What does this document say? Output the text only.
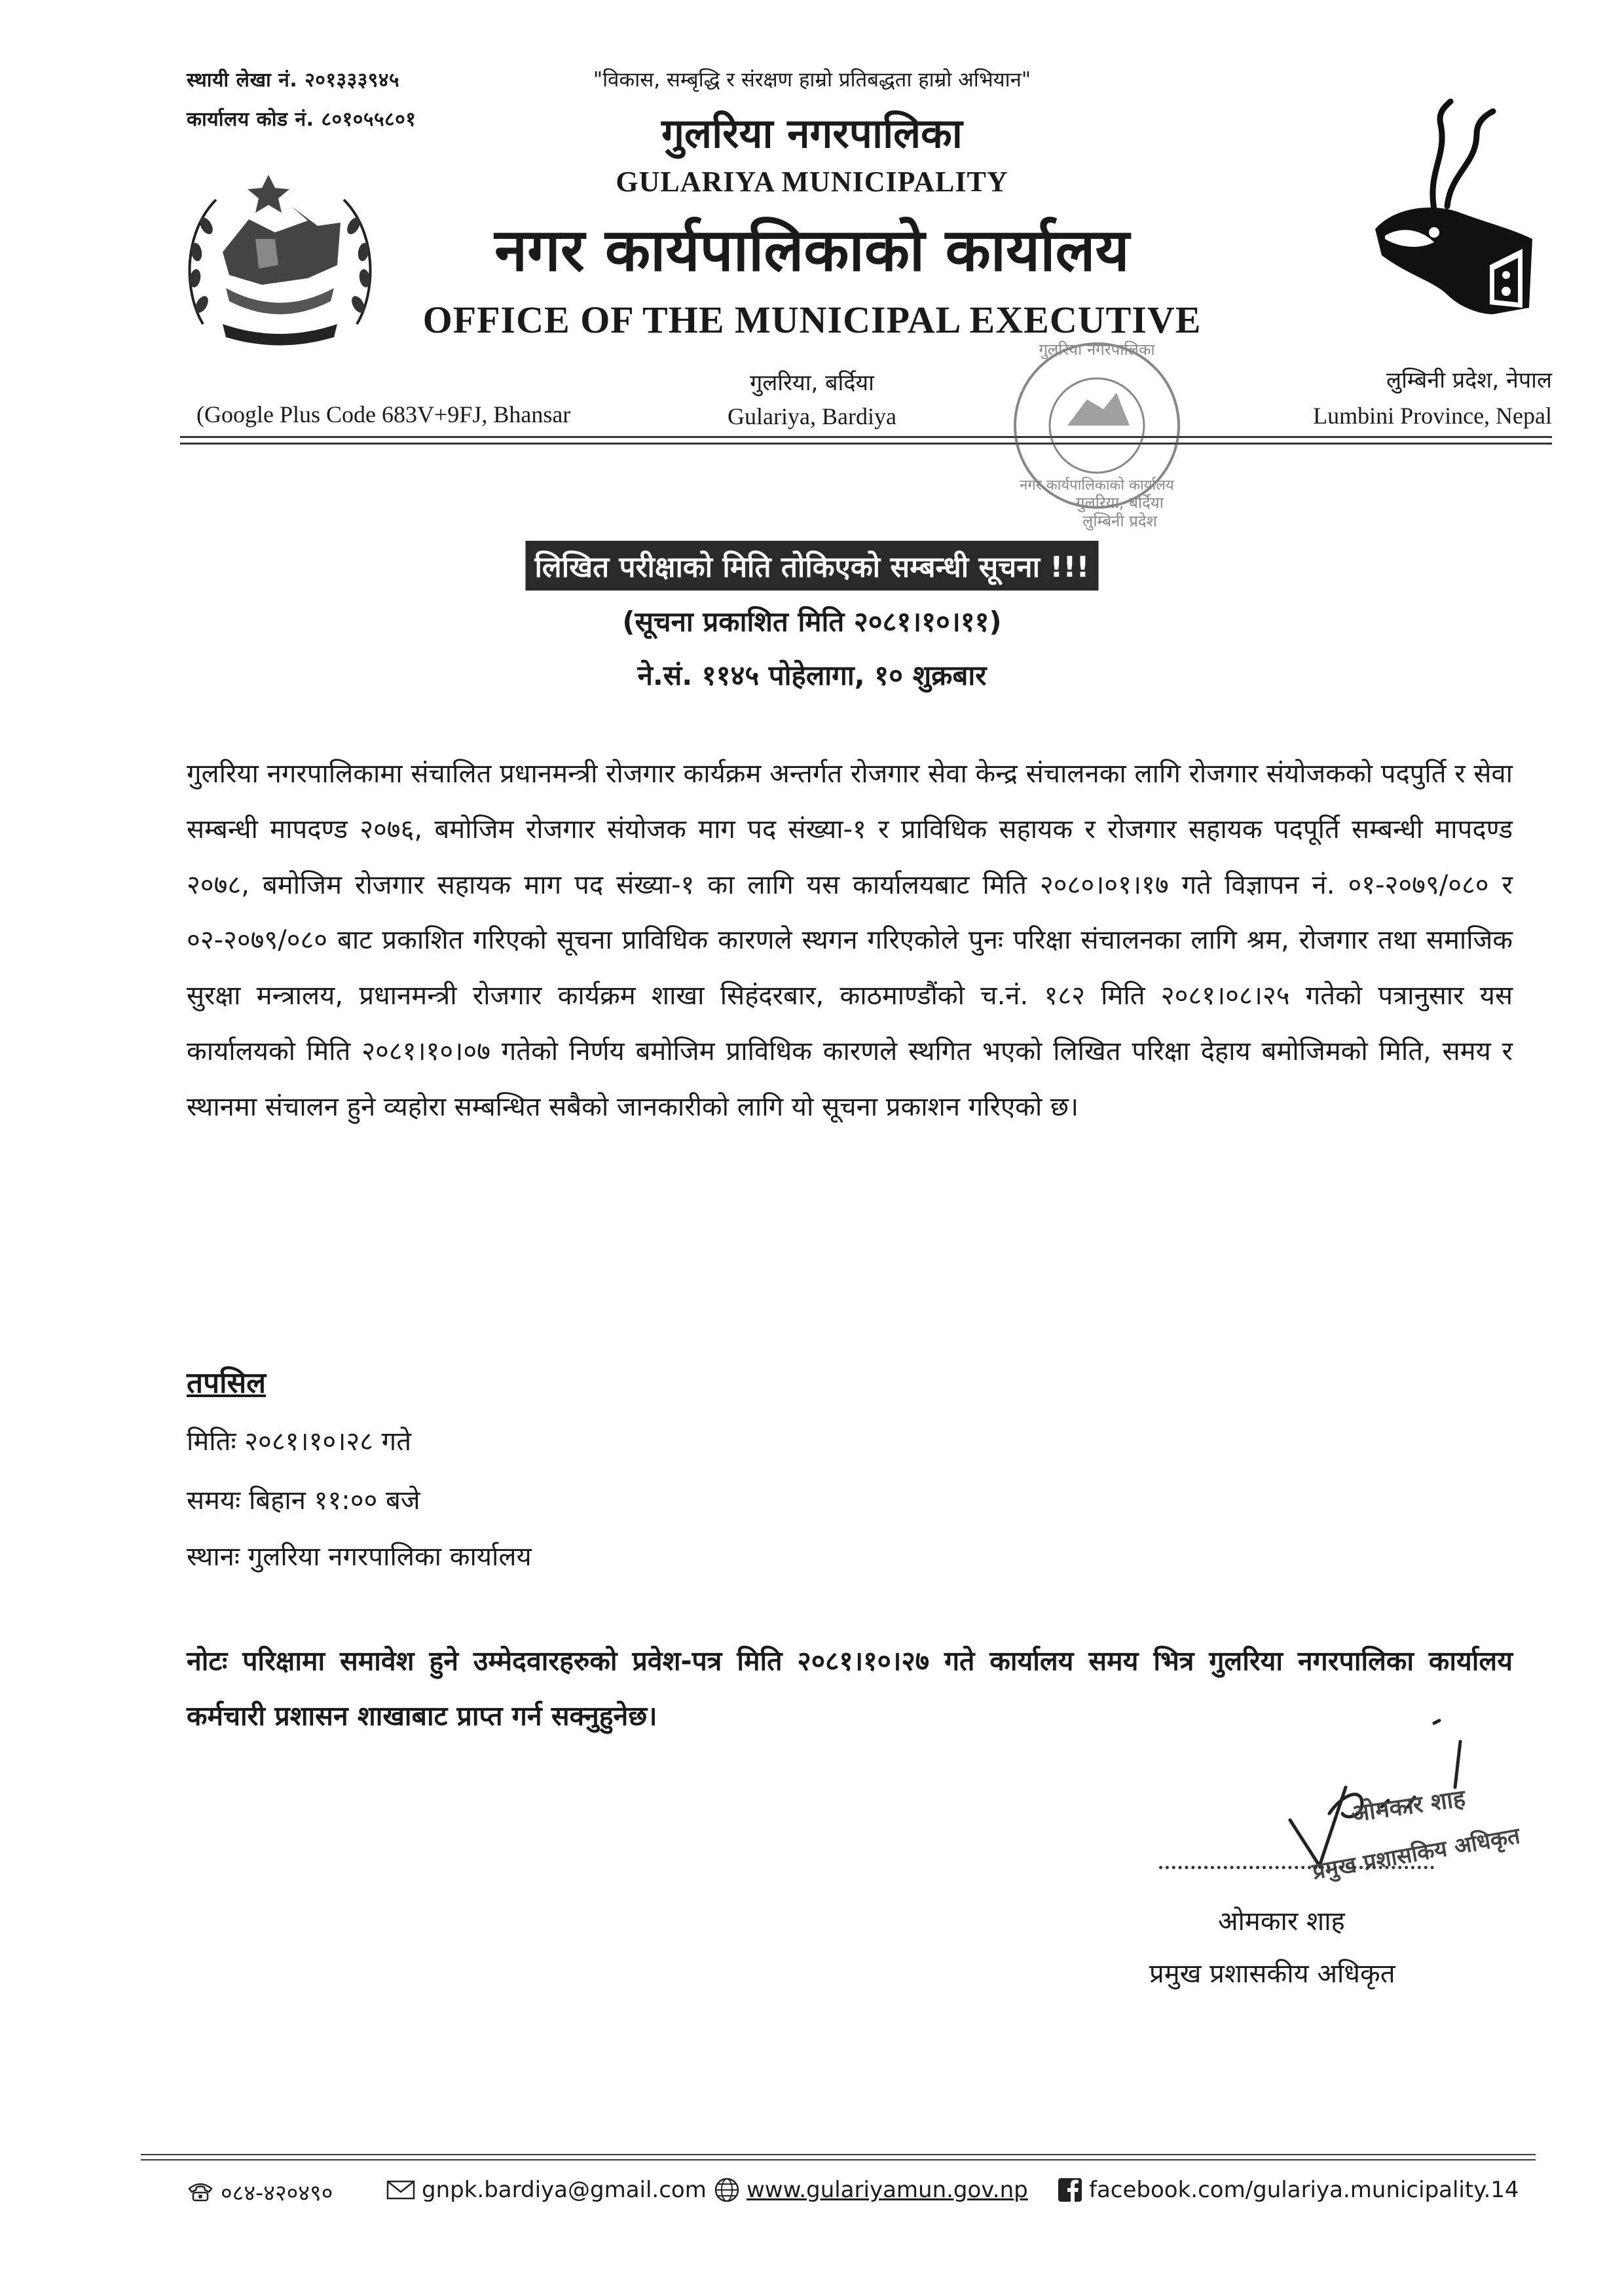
स्थायी लेखा नं. २०१३३३९४५
कार्यालय कोड नं. ८०१०५५८०१
"विकास, सम्बृद्धि र संरक्षण हाम्रो प्रतिबद्धता हाम्रो अभियान"
गुलरिया नगरपालिका
GULARIYA MUNICIPALITY
नगर कार्यपालिकाको कार्यालय
OFFICE OF THE MUNICIPAL EXECUTIVE
गुलरिया, बर्दिया
Gulariya, Bardiya
(Google Plus Code 683V+9FJ, Bhansar
लुम्बिनी प्रदेश, नेपाल
Lumbini Province, Nepal
गुलरिया नगरपालिका
नगर कार्यपालिकाको कार्यालय
गुलरिया, बर्दिया
लुम्बिनी प्रदेश
लिखित परीक्षाको मिति तोकिएको सम्बन्धी सूचना !!!
(सूचना प्रकाशित मिति २०८१।१०।११)
ने.सं. ११४५ पोहेलागा, १० शुक्रबार
गुलरिया नगरपालिकामा संचालित प्रधानमन्त्री रोजगार कार्यक्रम अन्तर्गत रोजगार सेवा केन्द्र संचालनका लागि रोजगार संयोजकको पदपुर्ति र सेवा सम्बन्धी मापदण्ड २०७६, बमोजिम रोजगार संयोजक माग पद संख्या-१ र प्राविधिक सहायक र रोजगार सहायक पदपूर्ति सम्बन्धी मापदण्ड २०७८, बमोजिम रोजगार सहायक माग पद संख्या-१ का लागि यस कार्यालयबाट मिति २०८०।०१।१७ गते विज्ञापन नं. ०१-२०७९/०८० र ०२-२०७९/०८० बाट प्रकाशित गरिएको सूचना प्राविधिक कारणले स्थगन गरिएकोले पुनः परिक्षा संचालनका लागि श्रम, रोजगार तथा समाजिक सुरक्षा मन्त्रालय, प्रधानमन्त्री रोजगार कार्यक्रम शाखा सिहंदरबार, काठमाण्डौंको च.नं. १८२ मिति २०८१।०८।२५ गतेको पत्रानुसार यस कार्यालयको मिति २०८१।१०।०७ गतेको निर्णय बमोजिम प्राविधिक कारणले स्थगित भएको लिखित परिक्षा देहाय बमोजिमको मिति, समय र स्थानमा संचालन हुने व्यहोरा सम्बन्धित सबैको जानकारीको लागि यो सूचना प्रकाशन गरिएको छ।
तपसिल
मितिः २०८१।१०।२८ गते
समयः बिहान ११:०० बजे
स्थानः गुलरिया नगरपालिका कार्यालय
नोटः परिक्षामा समावेश हुने उम्मेदवारहरुको प्रवेश-पत्र मिति २०८१।१०।२७ गते कार्यालय समय भित्र गुलरिया नगरपालिका कार्यालय कर्मचारी प्रशासन शाखाबाट प्राप्त गर्न सक्नुहुनेछ।
ओमकार शाह
प्रमुख प्रशासकिय अधिकृत
ओमकार शाह
प्रमुख प्रशासकीय अधिकृत
०८४-४२०४९०	gnpk.bardiya@gmail.com www.gulariyamun.gov.np	facebook.com/gulariya.municipality.14
